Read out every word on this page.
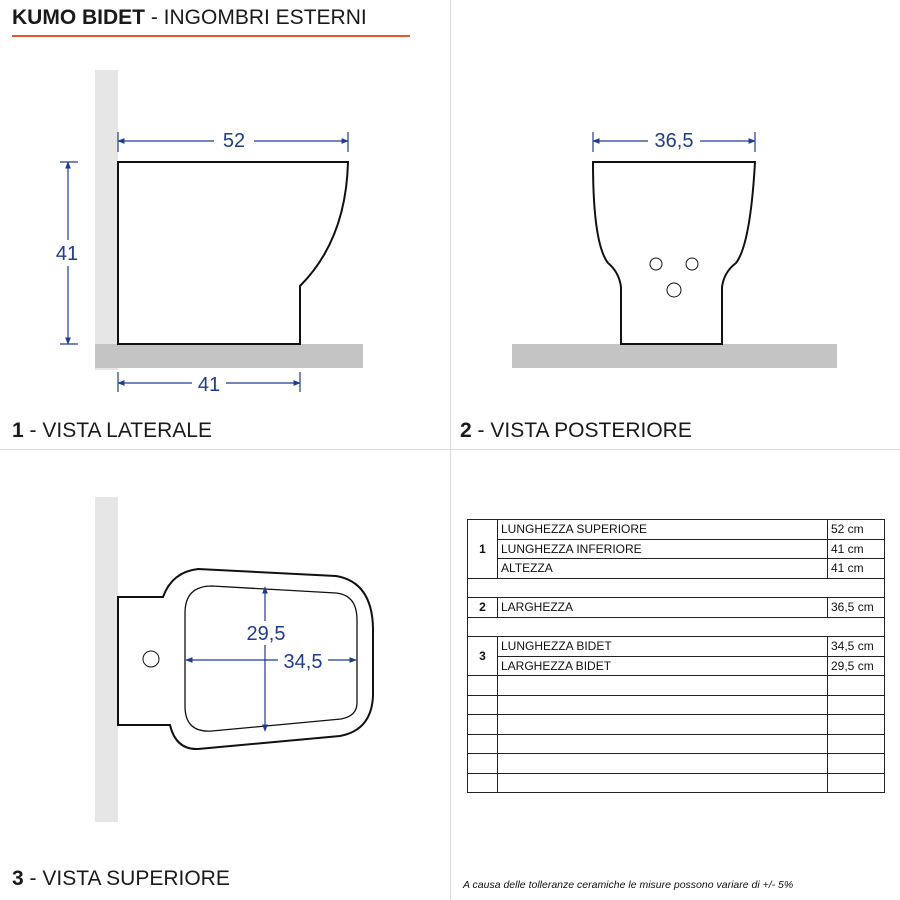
KUMO BIDET - INGOMBRI ESTERNI
52
41
41
36,5
29,5
34,5
1 - VISTA LATERALE	2 - VISTA POSTERIORE
3 - VISTA SUPERIORE
1	LUNGHEZZA SUPERIORE	52 cm
	LUNGHEZZA INFERIORE	41 cm
	ALTEZZA	41 cm

2	LARGHEZZA	36,5 cm

3	LUNGHEZZA BIDET	34,5 cm
	LARGHEZZA BIDET	29,5 cm

A causa delle tolleranze ceramiche le misure possono variare di +/- 5%
